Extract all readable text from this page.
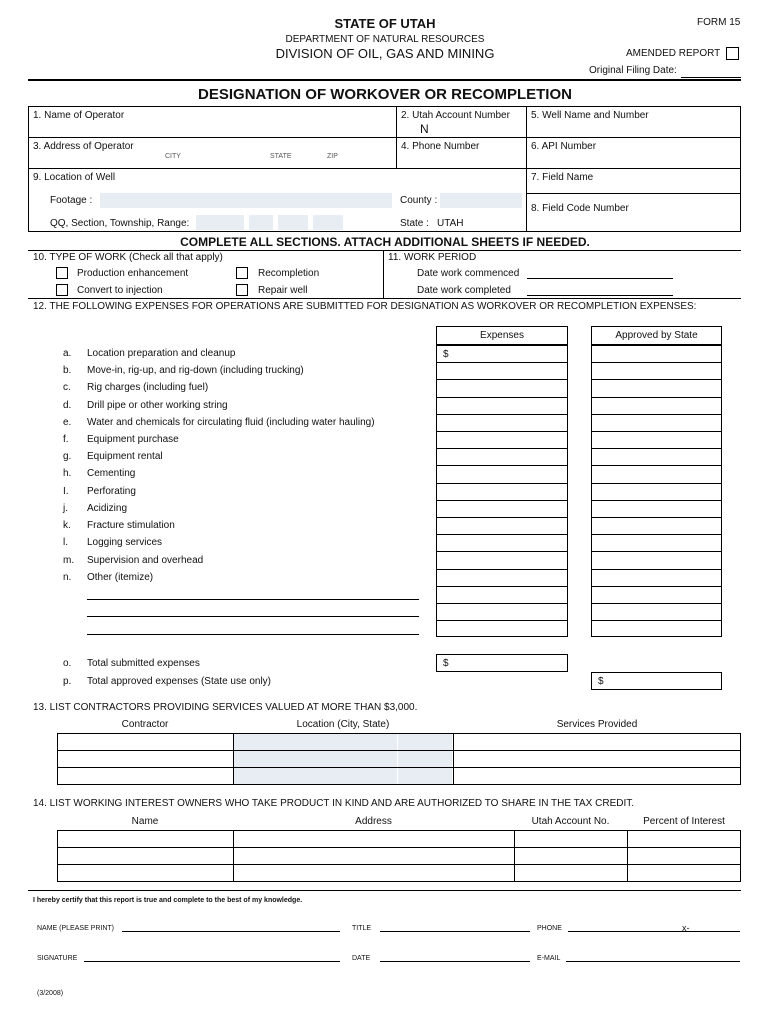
STATE OF UTAH
DEPARTMENT OF NATURAL RESOURCES
DIVISION OF OIL, GAS AND MINING
FORM 15
AMENDED REPORT
Original Filing Date:
DESIGNATION OF WORKOVER OR RECOMPLETION
1. Name of Operator	2. Utah Account Number
N
5. Well Name and Number
3. Address of Operator
CITY	STATE	ZIP
4. Phone Number	6. API Number
9. Location of Well	7. Field Name
Footage :	County :
8. Field Code Number
QQ, Section, Township, Range:	State : UTAH
COMPLETE ALL SECTIONS. ATTACH ADDITIONAL SHEETS IF NEEDED.
10. TYPE OF WORK (Check all that apply)	11. WORK PERIOD
Production enhancement	Recompletion	Date work commenced
Convert to injection	Repair well	Date work completed
12. THE FOLLOWING EXPENSES FOR OPERATIONS ARE SUBMITTED FOR DESIGNATION AS WORKOVER OR RECOMPLETION EXPENSES:
Expenses	Approved by State
a. Location preparation and cleanup
b. Move-in, rig-up, and rig-down (including trucking)
c. Rig charges (including fuel)
d. Drill pipe or other working string
e. Water and chemicals for circulating fluid (including water hauling)
f. Equipment purchase
g. Equipment rental
h. Cementing
I. Perforating
j. Acidizing
k. Fracture stimulation
l. Logging services
m. Supervision and overhead
n. Other (itemize)
$
o. Total submitted expenses	$
p. Total approved expenses (State use only)	$
13. LIST CONTRACTORS PROVIDING SERVICES VALUED AT MORE THAN $3,000.
Contractor	Location (City, State)	Services Provided
14. LIST WORKING INTEREST OWNERS WHO TAKE PRODUCT IN KIND AND ARE AUTHORIZED TO SHARE IN THE TAX CREDIT.
Name	Address	Utah Account No.	Percent of Interest
I hereby certify that this report is true and complete to the best of my knowledge.
NAME (PLEASE PRINT)	TITLE	PHONE	x-
SIGNATURE	DATE	E-MAIL
(3/2008)
